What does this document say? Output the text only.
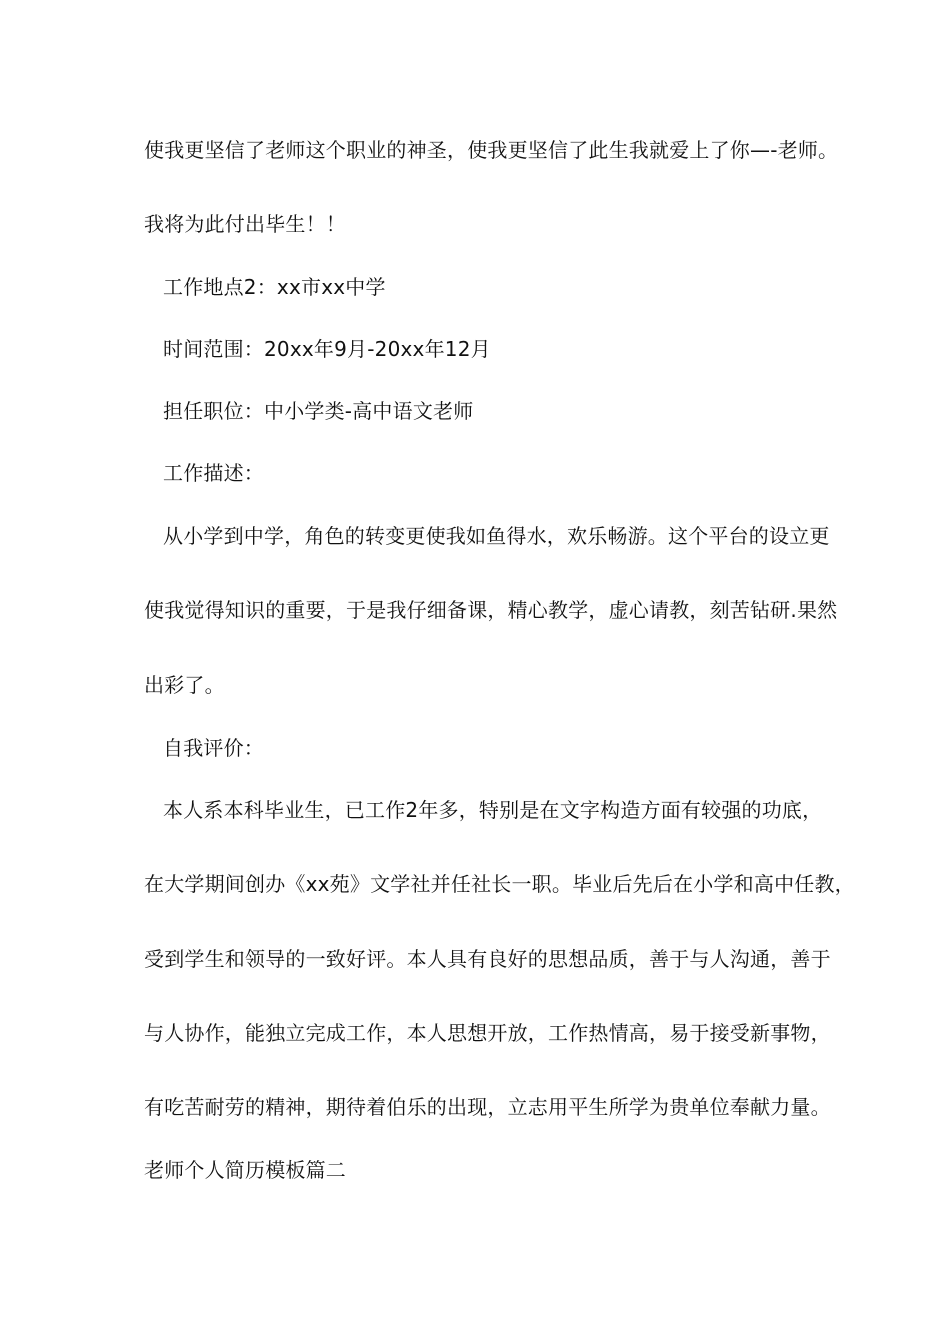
使我更坚信了老师这个职业的神圣，使我更坚信了此生我就爱上了你—-老师。
我将为此付出毕生！！
工作地点2：xx市xx中学
时间范围：20xx年9月-20xx年12月
担任职位：中小学类-高中语文老师
工作描述：
从小学到中学，角色的转变更使我如鱼得水，欢乐畅游。这个平台的设立更
使我觉得知识的重要，于是我仔细备课，精心教学，虚心请教，刻苦钻研.果然
出彩了。
自我评价：
本人系本科毕业生，已工作2年多，特别是在文字构造方面有较强的功底，
在大学期间创办《xx苑》文学社并任社长一职。毕业后先后在小学和高中任教，
受到学生和领导的一致好评。本人具有良好的思想品质，善于与人沟通，善于
与人协作，能独立完成工作，本人思想开放，工作热情高，易于接受新事物，
有吃苦耐劳的精神，期待着伯乐的出现，立志用平生所学为贵单位奉献力量。
老师个人简历模板篇二
